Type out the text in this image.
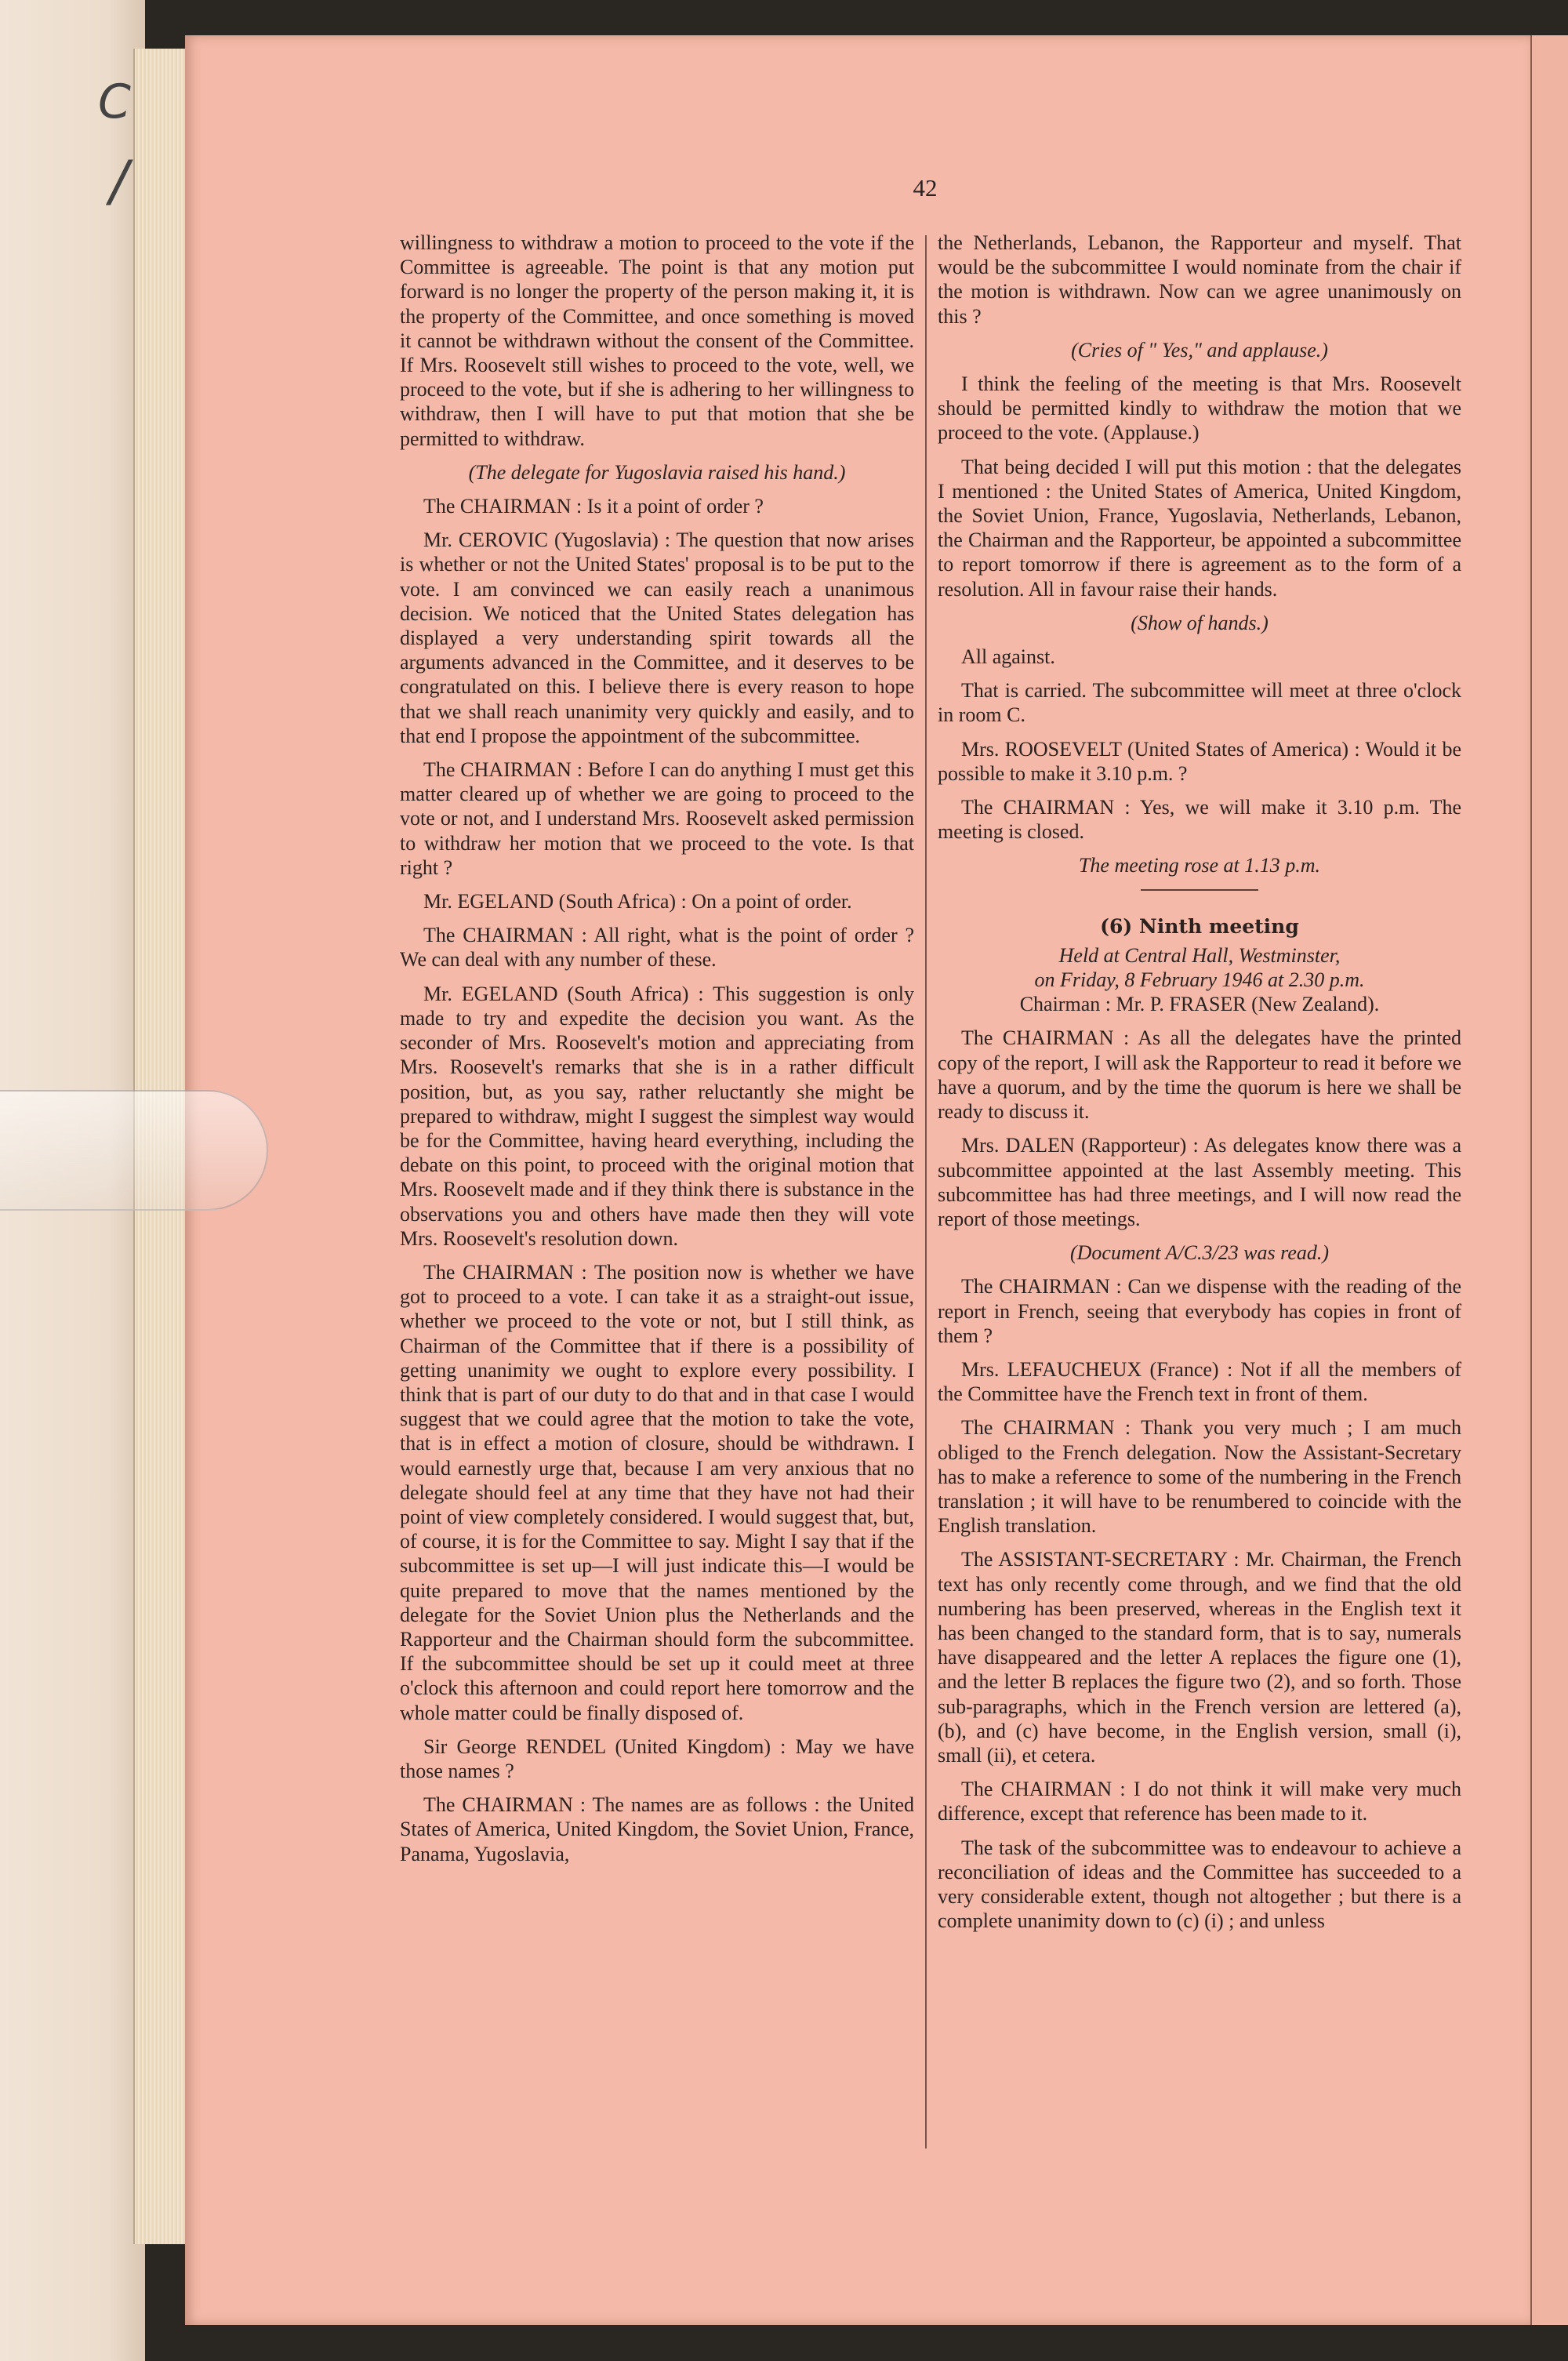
C
/	42

willingness to withdraw a motion to proceed to the vote if the Committee is agreeable. The point is that any motion put forward is no longer the property of the person making it, it is the property of the Committee, and once something is moved it cannot be withdrawn without the consent of the Committee. If Mrs. Roosevelt still wishes to proceed to the vote, well, we proceed to the vote, but if she is adhering to her willingness to withdraw, then I will have to put that motion that she be permitted to withdraw.

(The delegate for Yugoslavia raised his hand.)

The CHAIRMAN : Is it a point of order ?

Mr. CEROVIC (Yugoslavia) : The question that now arises is whether or not the United States' proposal is to be put to the vote. I am convinced we can easily reach a unanimous decision. We noticed that the United States delegation has displayed a very understanding spirit towards all the arguments advanced in the Committee, and it deserves to be congratulated on this. I believe there is every reason to hope that we shall reach unanimity very quickly and easily, and to that end I propose the appointment of the subcommittee.

The CHAIRMAN : Before I can do anything I must get this matter cleared up of whether we are going to proceed to the vote or not, and I understand Mrs. Roosevelt asked permission to withdraw her motion that we proceed to the vote. Is that right ?

Mr. EGELAND (South Africa) : On a point of order.

The CHAIRMAN : All right, what is the point of order ? We can deal with any number of these.

Mr. EGELAND (South Africa) : This suggestion is only made to try and expedite the decision you want. As the seconder of Mrs. Roosevelt's motion and appreciating from Mrs. Roosevelt's remarks that she is in a rather difficult position, but, as you say, rather reluctantly she might be prepared to withdraw, might I suggest the simplest way would be for the Committee, having heard everything, including the debate on this point, to proceed with the original motion that Mrs. Roosevelt made and if they think there is substance in the observations you and others have made then they will vote Mrs. Roosevelt's resolution down.

The CHAIRMAN : The position now is whether we have got to proceed to a vote. I can take it as a straight-out issue, whether we proceed to the vote or not, but I still think, as Chairman of the Committee that if there is a possibility of getting unanimity we ought to explore every possibility. I think that is part of our duty to do that and in that case I would suggest that we could agree that the motion to take the vote, that is in effect a motion of closure, should be withdrawn. I would earnestly urge that, because I am very anxious that no delegate should feel at any time that they have not had their point of view completely considered. I would suggest that, but, of course, it is for the Committee to say. Might I say that if the subcommittee is set up—I will just indicate this—I would be quite prepared to move that the names mentioned by the delegate for the Soviet Union plus the Netherlands and the Rapporteur and the Chairman should form the subcommittee. If the subcommittee should be set up it could meet at three o'clock this afternoon and could report here tomorrow and the whole matter could be finally disposed of.

Sir George RENDEL (United Kingdom) : May we have those names ?

The CHAIRMAN : The names are as follows : the United States of America, United Kingdom, the Soviet Union, France, Panama, Yugoslavia,

the Netherlands, Lebanon, the Rapporteur and myself. That would be the subcommittee I would nominate from the chair if the motion is withdrawn. Now can we agree unanimously on this ?

(Cries of " Yes," and applause.)

I think the feeling of the meeting is that Mrs. Roosevelt should be permitted kindly to withdraw the motion that we proceed to the vote. (Applause.)

That being decided I will put this motion : that the delegates I mentioned : the United States of America, United Kingdom, the Soviet Union, France, Yugoslavia, Netherlands, Lebanon, the Chairman and the Rapporteur, be appointed a subcommittee to report tomorrow if there is agreement as to the form of a resolution. All in favour raise their hands.

(Show of hands.)

All against.

That is carried. The subcommittee will meet at three o'clock in room C.

Mrs. ROOSEVELT (United States of America) : Would it be possible to make it 3.10 p.m. ?

The CHAIRMAN : Yes, we will make it 3.10 p.m. The meeting is closed.

The meeting rose at 1.13 p.m.

(6) Ninth meeting

Held at Central Hall, Westminster,

on Friday, 8 February 1946 at 2.30 p.m.

Chairman : Mr. P. FRASER (New Zealand).

The CHAIRMAN : As all the delegates have the printed copy of the report, I will ask the Rapporteur to read it before we have a quorum, and by the time the quorum is here we shall be ready to discuss it.

Mrs. DALEN (Rapporteur) : As delegates know there was a subcommittee appointed at the last Assembly meeting. This subcommittee has had three meetings, and I will now read the report of those meetings.

(Document A/C.3/23 was read.)

The CHAIRMAN : Can we dispense with the reading of the report in French, seeing that everybody has copies in front of them ?

Mrs. LEFAUCHEUX (France) : Not if all the members of the Committee have the French text in front of them.

The CHAIRMAN : Thank you very much ; I am much obliged to the French delegation. Now the Assistant-Secretary has to make a reference to some of the numbering in the French translation ; it will have to be renumbered to coincide with the English translation.

The ASSISTANT-SECRETARY : Mr. Chairman, the French text has only recently come through, and we find that the old numbering has been preserved, whereas in the English text it has been changed to the standard form, that is to say, numerals have disappeared and the letter A replaces the figure one (1), and the letter B replaces the figure two (2), and so forth. Those sub-paragraphs, which in the French version are lettered (a), (b), and (c) have become, in the English version, small (i), small (ii), et cetera.

The CHAIRMAN : I do not think it will make very much difference, except that reference has been made to it.

The task of the subcommittee was to endeavour to achieve a reconciliation of ideas and the Committee has succeeded to a very considerable extent, though not altogether ; but there is a complete unanimity down to (c) (i) ; and unless
